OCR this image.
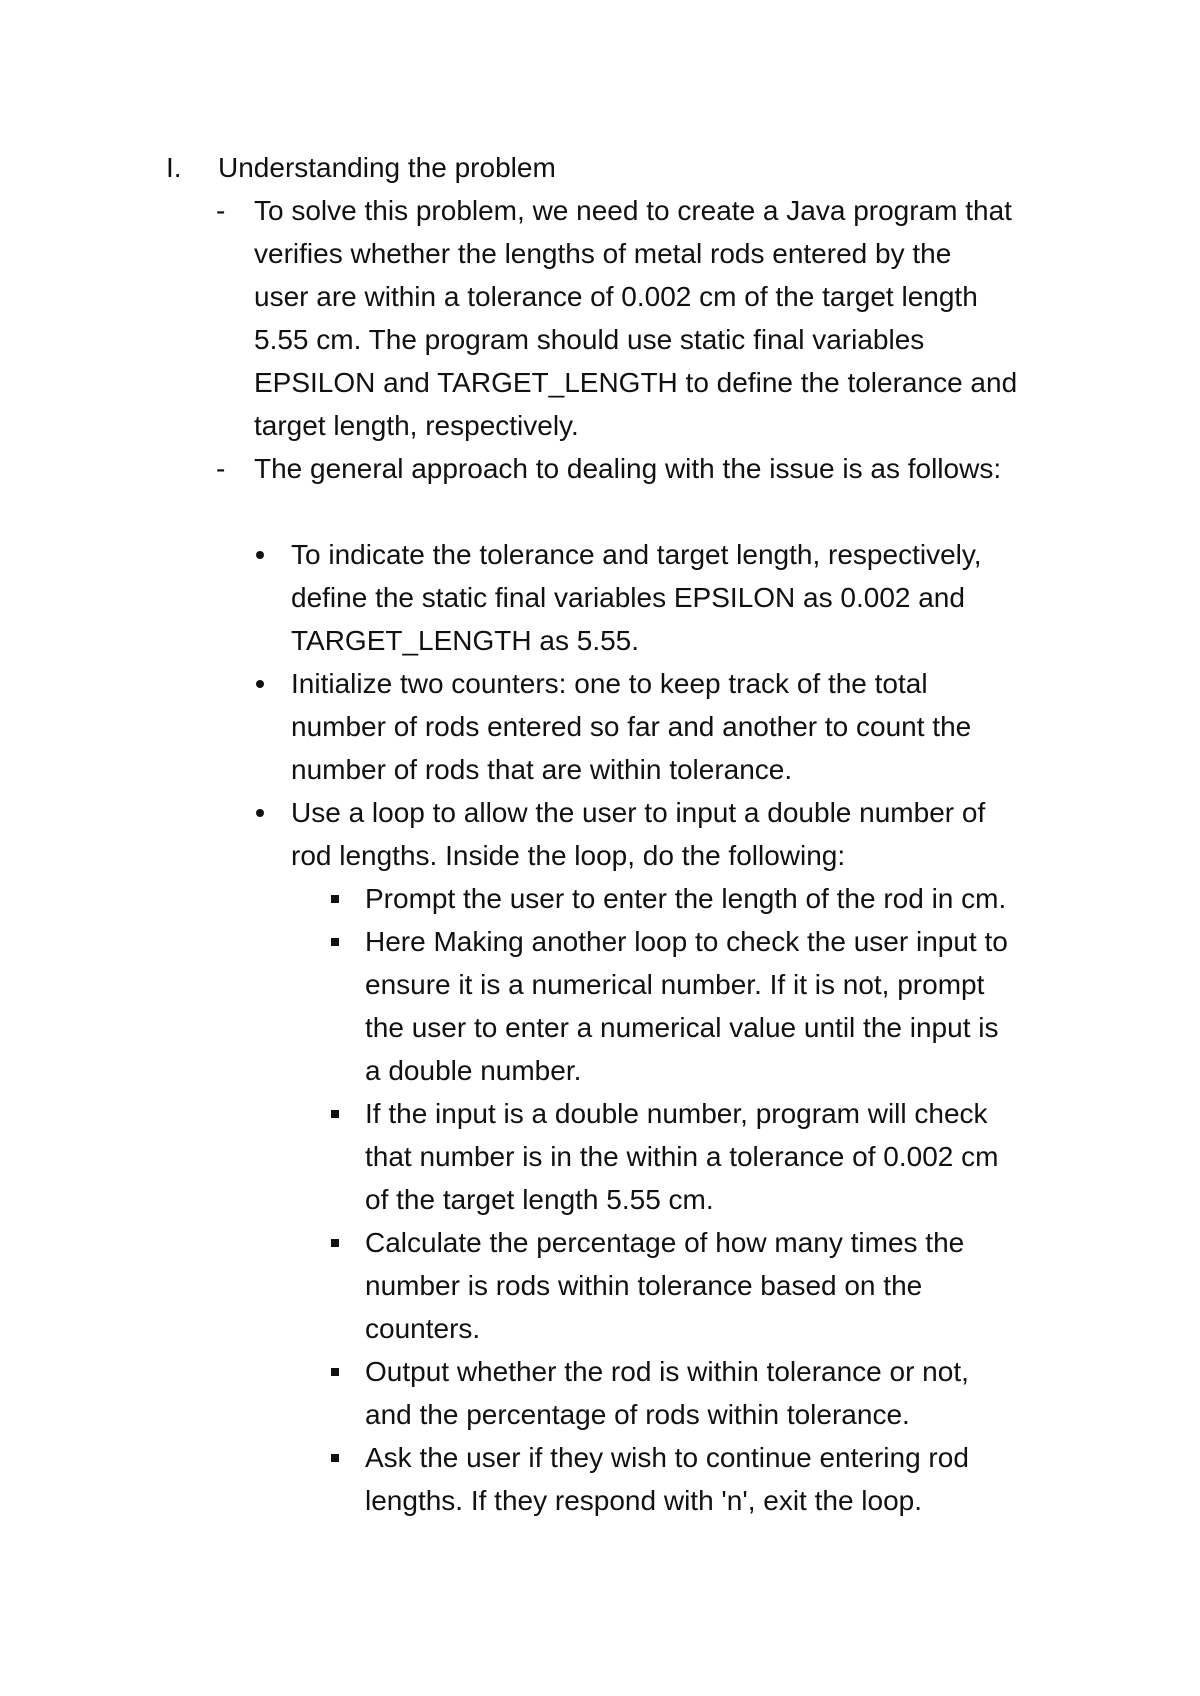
I.	Understanding the problem
-	To solve this problem, we need to create a Java program that
verifies whether the lengths of metal rods entered by the
user are within a tolerance of 0.002 cm of the target length
5.55 cm. The program should use static final variables
EPSILON and TARGET_LENGTH to define the tolerance and
target length, respectively.
-	The general approach to dealing with the issue is as follows:
To indicate the tolerance and target length, respectively,
define the static final variables EPSILON as 0.002 and
TARGET_LENGTH as 5.55.
Initialize two counters: one to keep track of the total
number of rods entered so far and another to count the
number of rods that are within tolerance.
Use a loop to allow the user to input a double number of
rod lengths. Inside the loop, do the following:
Prompt the user to enter the length of the rod in cm.
Here Making another loop to check the user input to
ensure it is a numerical number. If it is not, prompt
the user to enter a numerical value until the input is
a double number.
If the input is a double number, program will check
that number is in the within a tolerance of 0.002 cm
of the target length 5.55 cm.
Calculate the percentage of how many times the
number is rods within tolerance based on the
counters.
Output whether the rod is within tolerance or not,
and the percentage of rods within tolerance.
Ask the user if they wish to continue entering rod
lengths. If they respond with 'n', exit the loop.
